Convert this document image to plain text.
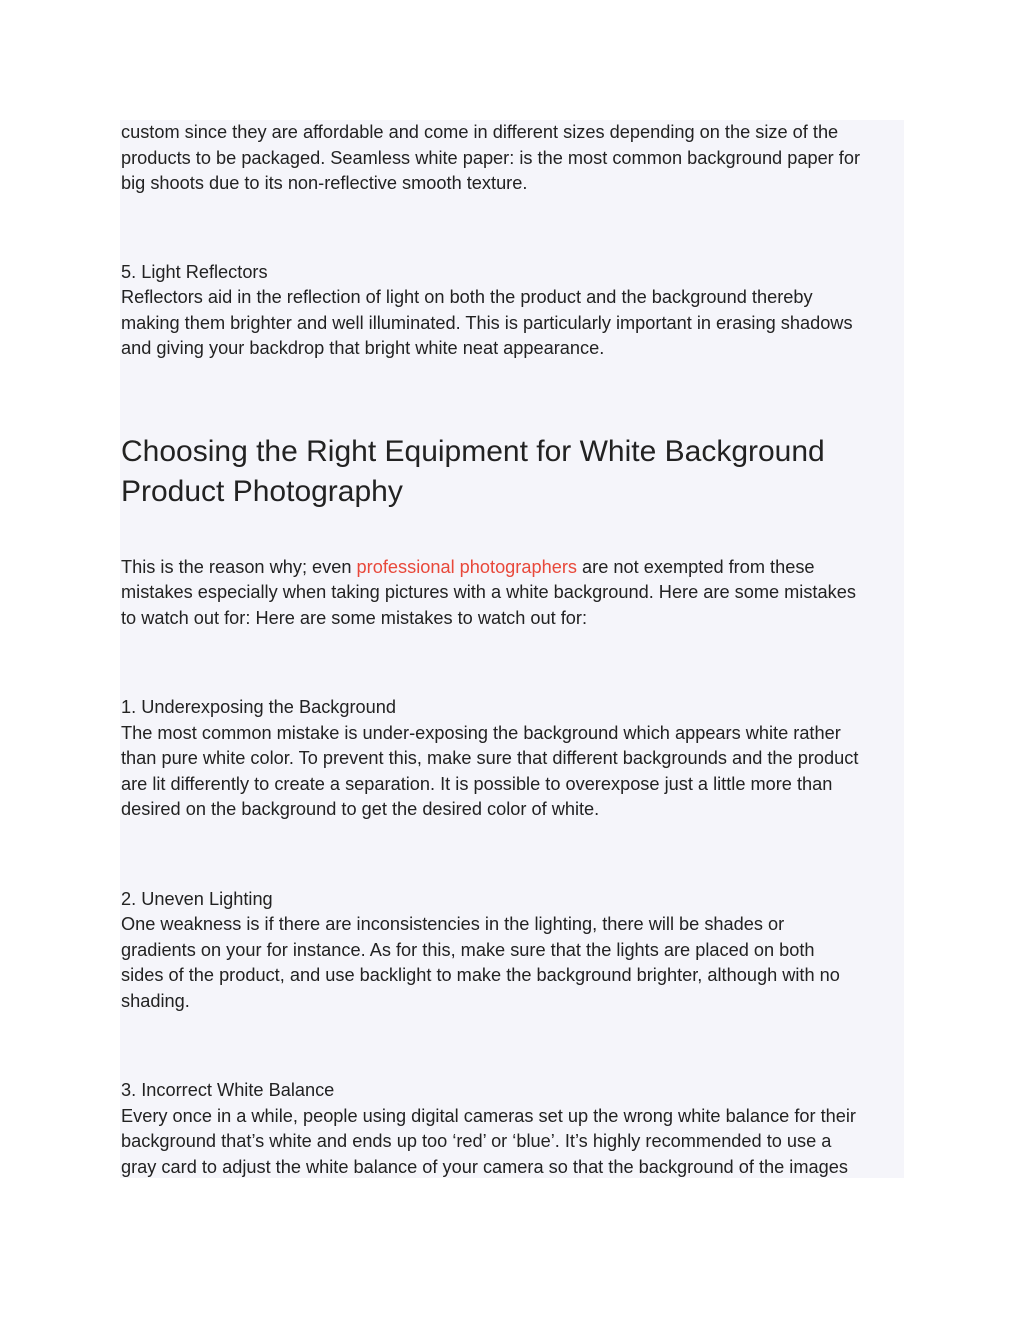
custom since they are affordable and come in different sizes depending on the size of the
products to be packaged. Seamless white paper: is the most common background paper for
big shoots due to its non-reflective smooth texture.

5. Light Reflectors
Reflectors aid in the reflection of light on both the product and the background thereby
making them brighter and well illuminated. This is particularly important in erasing shadows
and giving your backdrop that bright white neat appearance.

Choosing the Right Equipment for White Background
Product Photography

This is the reason why; even professional photographers are not exempted from these
mistakes especially when taking pictures with a white background. Here are some mistakes
to watch out for: Here are some mistakes to watch out for:

1. Underexposing the Background
The most common mistake is under-exposing the background which appears white rather
than pure white color. To prevent this, make sure that different backgrounds and the product
are lit differently to create a separation. It is possible to overexpose just a little more than
desired on the background to get the desired color of white.

2. Uneven Lighting
One weakness is if there are inconsistencies in the lighting, there will be shades or
gradients on your for instance. As for this, make sure that the lights are placed on both
sides of the product, and use backlight to make the background brighter, although with no
shading.

3. Incorrect White Balance
Every once in a while, people using digital cameras set up the wrong white balance for their
background that’s white and ends up too ‘red’ or ‘blue’. It’s highly recommended to use a
gray card to adjust the white balance of your camera so that the background of the images
